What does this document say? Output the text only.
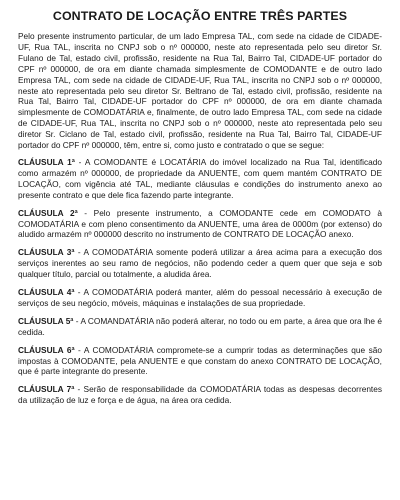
CONTRATO DE LOCAÇÃO ENTRE TRÊS PARTES

Pelo presente instrumento particular, de um lado Empresa TAL, com sede na cidade de CIDADE-UF, Rua TAL, inscrita no CNPJ sob o nº 000000, neste ato representada pelo seu diretor Sr. Fulano de Tal, estado civil, profissão, residente na Rua Tal, Bairro Tal, CIDADE-UF portador do CPF nº 000000, de ora em diante chamada simplesmente de COMODANTE e de outro lado Empresa TAL, com sede na cidade de CIDADE-UF, Rua TAL, inscrita no CNPJ sob o nº 000000, neste ato representada pelo seu diretor Sr. Beltrano de Tal, estado civil, profissão, residente na Rua Tal, Bairro Tal, CIDADE-UF portador do CPF nº 000000, de ora em diante chamada simplesmente de COMODATÁRIA e, finalmente, de outro lado Empresa TAL, com sede na cidade de CIDADE-UF, Rua TAL, inscrita no CNPJ sob o nº 000000, neste ato representada pelo seu diretor Sr. Ciclano de Tal, estado civil, profissão, residente na Rua Tal, Bairro Tal, CIDADE-UF portador do CPF nº 000000, têm, entre si, como justo e contratado o que se segue:

CLÁUSULA 1ª - A COMODANTE é LOCATÁRIA do imóvel localizado na Rua Tal, identificado como armazém nº 000000, de propriedade da ANUENTE, com quem mantém CONTRATO DE LOCAÇÃO, com vigência até TAL, mediante cláusulas e condições do instrumento anexo ao presente contrato e que dele fica fazendo parte integrante.

CLÁUSULA 2ª - Pelo presente instrumento, a COMODANTE cede em COMODATO à COMODATÁRIA e com pleno consentimento da ANUENTE, uma área de 0000m (por extenso) do aludido armazém nº 000000 descrito no instrumento de CONTRATO DE LOCAÇÃO anexo.

CLÁUSULA 3ª - A COMODATÁRIA somente poderá utilizar a área acima para a execução dos serviços inerentes ao seu ramo de negócios, não podendo ceder a quem quer que seja e sob qualquer título, parcial ou totalmente, a aludida área.

CLÁUSULA 4ª - A COMODATÁRIA poderá manter, além do pessoal necessário à execução de serviços de seu negócio, móveis, máquinas e instalações de sua propriedade.

CLÁUSULA 5ª - A COMANDATÁRIA não poderá alterar, no todo ou em parte, a área que ora lhe é cedida.

CLÁUSULA 6ª - A COMODATÁRIA compromete-se a cumprir todas as determinações que são impostas à COMODANTE, pela ANUENTE e que constam do anexo CONTRATO DE LOCAÇÃO, que é parte integrante do presente.

CLÁUSULA 7ª - Serão de responsabilidade da COMODATÁRIA todas as despesas decorrentes da utilização de luz e força e de água, na área ora cedida.
